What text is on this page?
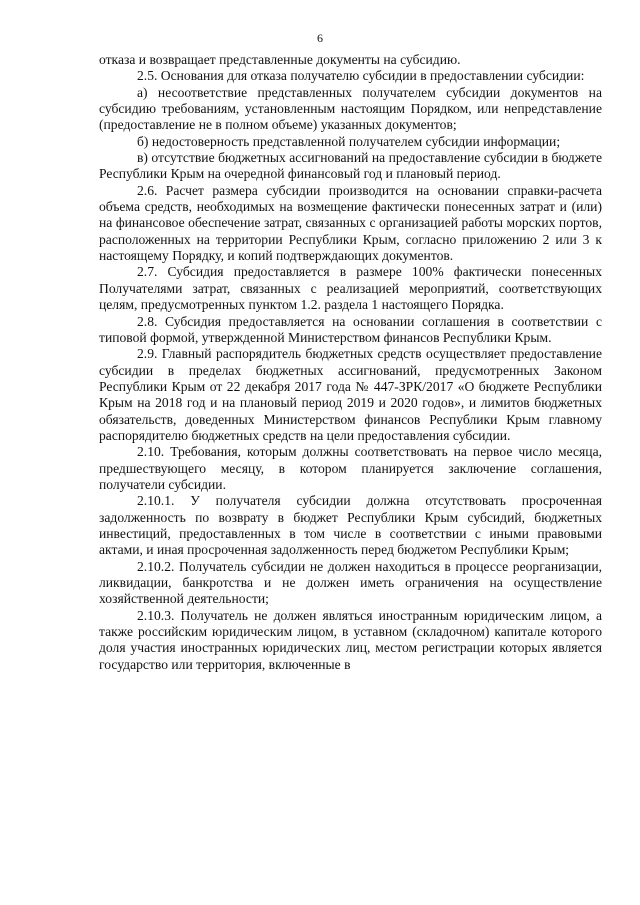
6

отказа и возвращает представленные документы на субсидию.

2.5. Основания для отказа получателю субсидии в предоставлении субсидии:

а) несоответствие представленных получателем субсидии документов на субсидию требованиям, установленным настоящим Порядком, или непредставление (предоставление не в полном объеме) указанных документов;

б) недостоверность представленной получателем субсидии информации;

в) отсутствие бюджетных ассигнований на предоставление субсидии в бюджете Республики Крым на очередной финансовый год и плановый период.

2.6. Расчет размера субсидии производится на основании справки-расчета объема средств, необходимых на возмещение фактически понесенных затрат и (или) на финансовое обеспечение затрат, связанных с организацией работы морских портов, расположенных на территории Республики Крым, согласно приложению 2 или 3 к настоящему Порядку, и копий подтверждающих документов.

2.7. Субсидия предоставляется в размере 100% фактически понесенных Получателями затрат, связанных с реализацией мероприятий, соответствующих целям, предусмотренных пунктом 1.2. раздела 1 настоящего Порядка.

2.8. Субсидия предоставляется на основании соглашения в соответствии с типовой формой, утвержденной Министерством финансов Республики Крым.

2.9. Главный распорядитель бюджетных средств осуществляет предоставление субсидии в пределах бюджетных ассигнований, предусмотренных Законом Республики Крым от 22 декабря 2017 года № 447-ЗРК/2017 «О бюджете Республики Крым на 2018 год и на плановый период 2019 и 2020 годов», и лимитов бюджетных обязательств, доведенных Министерством финансов Республики Крым главному распорядителю бюджетных средств на цели предоставления субсидии.

2.10. Требования, которым должны соответствовать на первое число месяца, предшествующего месяцу, в котором планируется заключение соглашения, получатели субсидии.

2.10.1. У получателя субсидии должна отсутствовать просроченная задолженность по возврату в бюджет Республики Крым субсидий, бюджетных инвестиций, предоставленных в том числе в соответствии с иными правовыми актами, и иная просроченная задолженность перед бюджетом Республики Крым;

2.10.2. Получатель субсидии не должен находиться в процессе реорганизации, ликвидации, банкротства и не должен иметь ограничения на осуществление хозяйственной деятельности;

2.10.3. Получатель не должен являться иностранным юридическим лицом, а также российским юридическим лицом, в уставном (складочном) капитале которого доля участия иностранных юридических лиц, местом регистрации которых является государство или территория, включенные в
